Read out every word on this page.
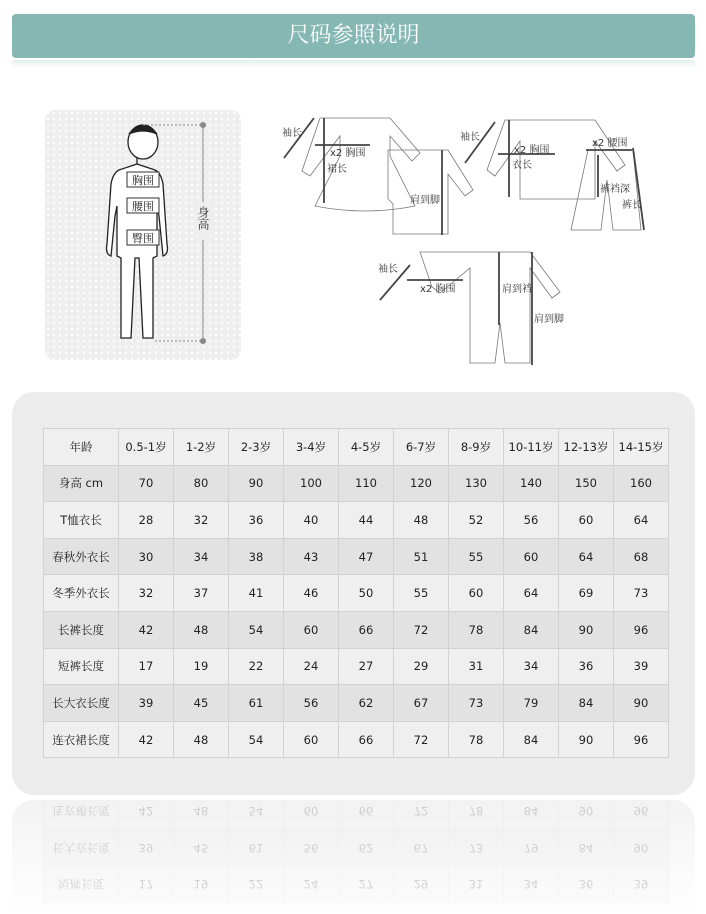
尺码参照说明
胸围
腰围
臀围
身高
袖长
x2 胸围
裙长
肩到脚
袖长
x2 胸围
衣长
x2 腰围
裤裆深
裤长
袖长
x2 胸围	肩到裆
肩到脚
年龄	0.5-1岁	1-2岁	2-3岁	3-4岁	4-5岁	6-7岁	8-9岁	10-11岁	12-13岁	14-15岁
身高 cm	70	80	90	100	110	120	130	140	150	160
T恤衣长	28	32	36	40	44	48	52	56	60	64
春秋外衣长	30	34	38	43	47	51	55	60	64	68
冬季外衣长	32	37	41	46	50	55	60	64	69	73
长裤长度	42	48	54	60	66	72	78	84	90	96
短裤长度	17	19	22	24	27	29	31	34	36	39
长大衣长度	39	45	61	56	62	67	73	79	84	90
连衣裙长度	42	48	54	60	66	72	78	84	90	96
短裤长度	17	19	22	24	27	29	31	34	36	39
长大衣长度	39	45	61	56	62	67	73	79	84	90
连衣裙长度	42	48	54	60	66	72	78	84	90	96
